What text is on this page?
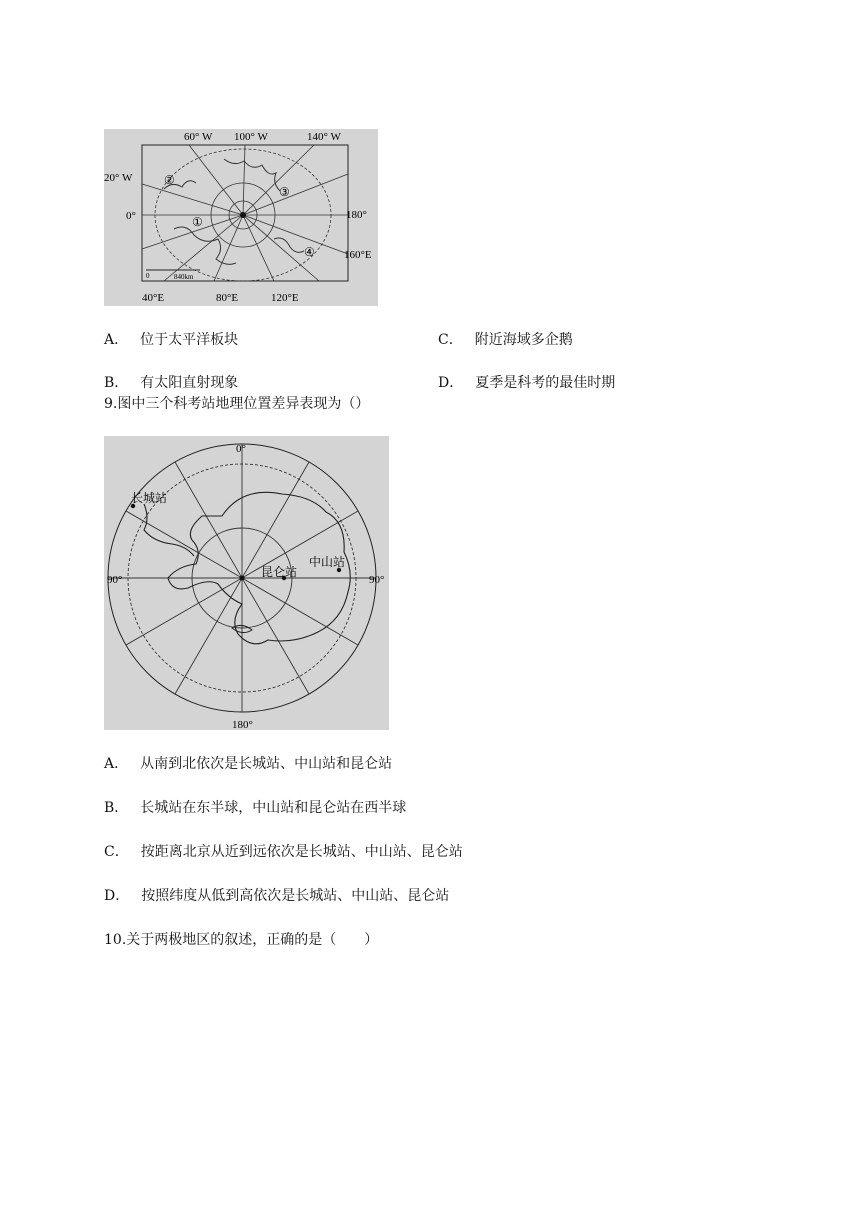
0	840km
60° W 100° W	140° W
20° W
0°	180°
160°E
40°E	80°E	120°E
①
②
③
④
A． 位于太平洋板块	C． 附近海域多企鹅
B． 有太阳直射现象	D． 夏季是科考的最佳时期
9.图中三个科考站地理位置差异表现为（）
0°
180°
90°	90°
长城站
昆仑站
中山站
A． 从南到北依次是长城站、中山站和昆仑站
B． 长城站在东半球，中山站和昆仑站在西半球
C． 按距离北京从近到远依次是长城站、中山站、昆仑站
D． 按照纬度从低到高依次是长城站、中山站、昆仑站
10.关于两极地区的叙述，正确的是（　　）
